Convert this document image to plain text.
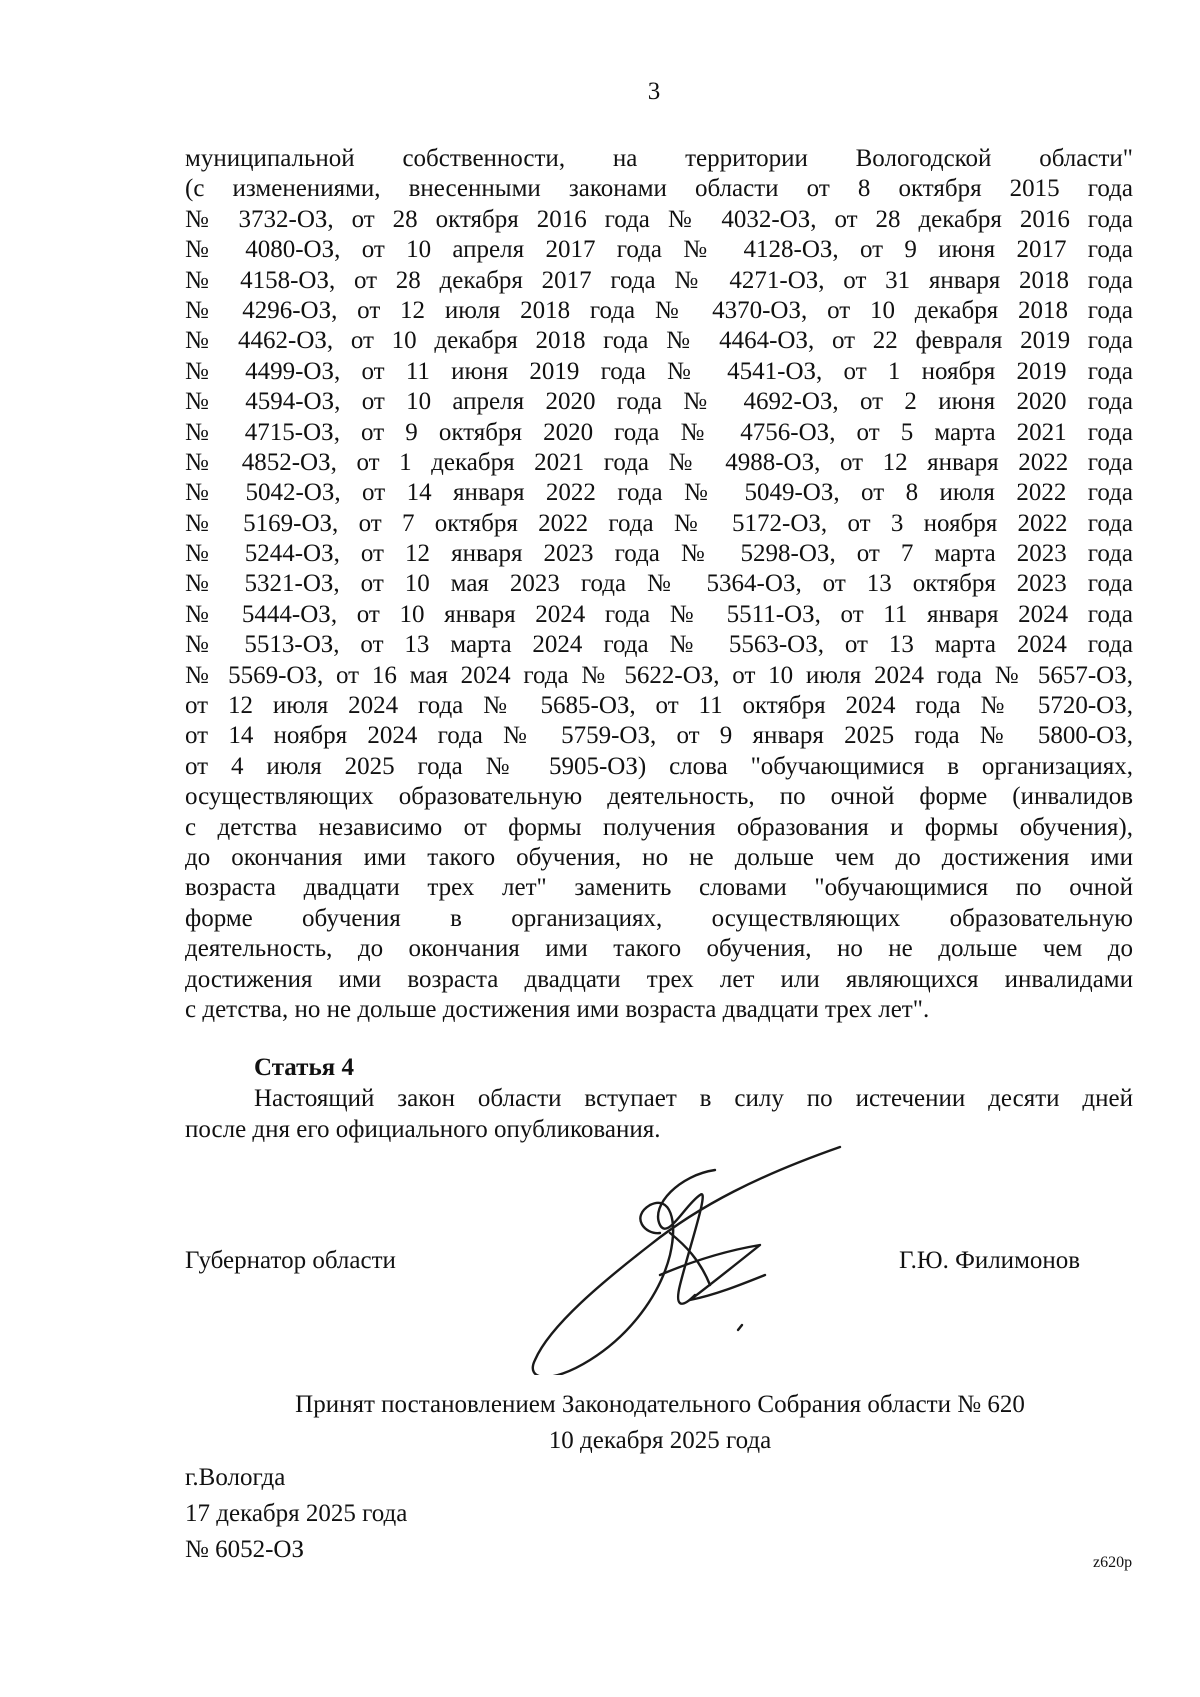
3
муниципальной собственности, на территории Вологодской области"
(с изменениями, внесенными законами области от 8 октября 2015 года
№ 3732-ОЗ, от 28 октября 2016 года № 4032-ОЗ, от 28 декабря 2016 года
№ 4080-ОЗ, от 10 апреля 2017 года № 4128-ОЗ, от 9 июня 2017 года
№ 4158-ОЗ, от 28 декабря 2017 года № 4271-ОЗ, от 31 января 2018 года
№ 4296-ОЗ, от 12 июля 2018 года № 4370-ОЗ, от 10 декабря 2018 года
№ 4462-ОЗ, от 10 декабря 2018 года № 4464-ОЗ, от 22 февраля 2019 года
№ 4499-ОЗ, от 11 июня 2019 года № 4541-ОЗ, от 1 ноября 2019 года
№ 4594-ОЗ, от 10 апреля 2020 года № 4692-ОЗ, от 2 июня 2020 года
№ 4715-ОЗ, от 9 октября 2020 года № 4756-ОЗ, от 5 марта 2021 года
№ 4852-ОЗ, от 1 декабря 2021 года № 4988-ОЗ, от 12 января 2022 года
№ 5042-ОЗ, от 14 января 2022 года № 5049-ОЗ, от 8 июля 2022 года
№ 5169-ОЗ, от 7 октября 2022 года № 5172-ОЗ, от 3 ноября 2022 года
№ 5244-ОЗ, от 12 января 2023 года № 5298-ОЗ, от 7 марта 2023 года
№ 5321-ОЗ, от 10 мая 2023 года № 5364-ОЗ, от 13 октября 2023 года
№ 5444-ОЗ, от 10 января 2024 года № 5511-ОЗ, от 11 января 2024 года
№ 5513-ОЗ, от 13 марта 2024 года № 5563-ОЗ, от 13 марта 2024 года
№ 5569-ОЗ, от 16 мая 2024 года № 5622-ОЗ, от 10 июля 2024 года № 5657-ОЗ,
от 12 июля 2024 года № 5685-ОЗ, от 11 октября 2024 года № 5720-ОЗ,
от 14 ноября 2024 года № 5759-ОЗ, от 9 января 2025 года № 5800-ОЗ,
от 4 июля 2025 года № 5905-ОЗ) слова "обучающимися в организациях,
осуществляющих образовательную деятельность, по очной форме (инвалидов
с детства независимо от формы получения образования и формы обучения),
до окончания ими такого обучения, но не дольше чем до достижения ими
возраста двадцати трех лет" заменить словами "обучающимися по очной
форме обучения в организациях, осуществляющих образовательную
деятельность, до окончания ими такого обучения, но не дольше чем до
достижения ими возраста двадцати трех лет или являющихся инвалидами
с детства, но не дольше достижения ими возраста двадцати трех лет".
Статья 4
Настоящий закон области вступает в силу по истечении десяти дней
после дня его официального опубликования.
Губернатор области	Г.Ю. Филимонов
Принят постановлением Законодательного Собрания области № 620
10 декабря 2025 года
г.Вологда
17 декабря 2025 года
№ 6052-ОЗ	z620p
